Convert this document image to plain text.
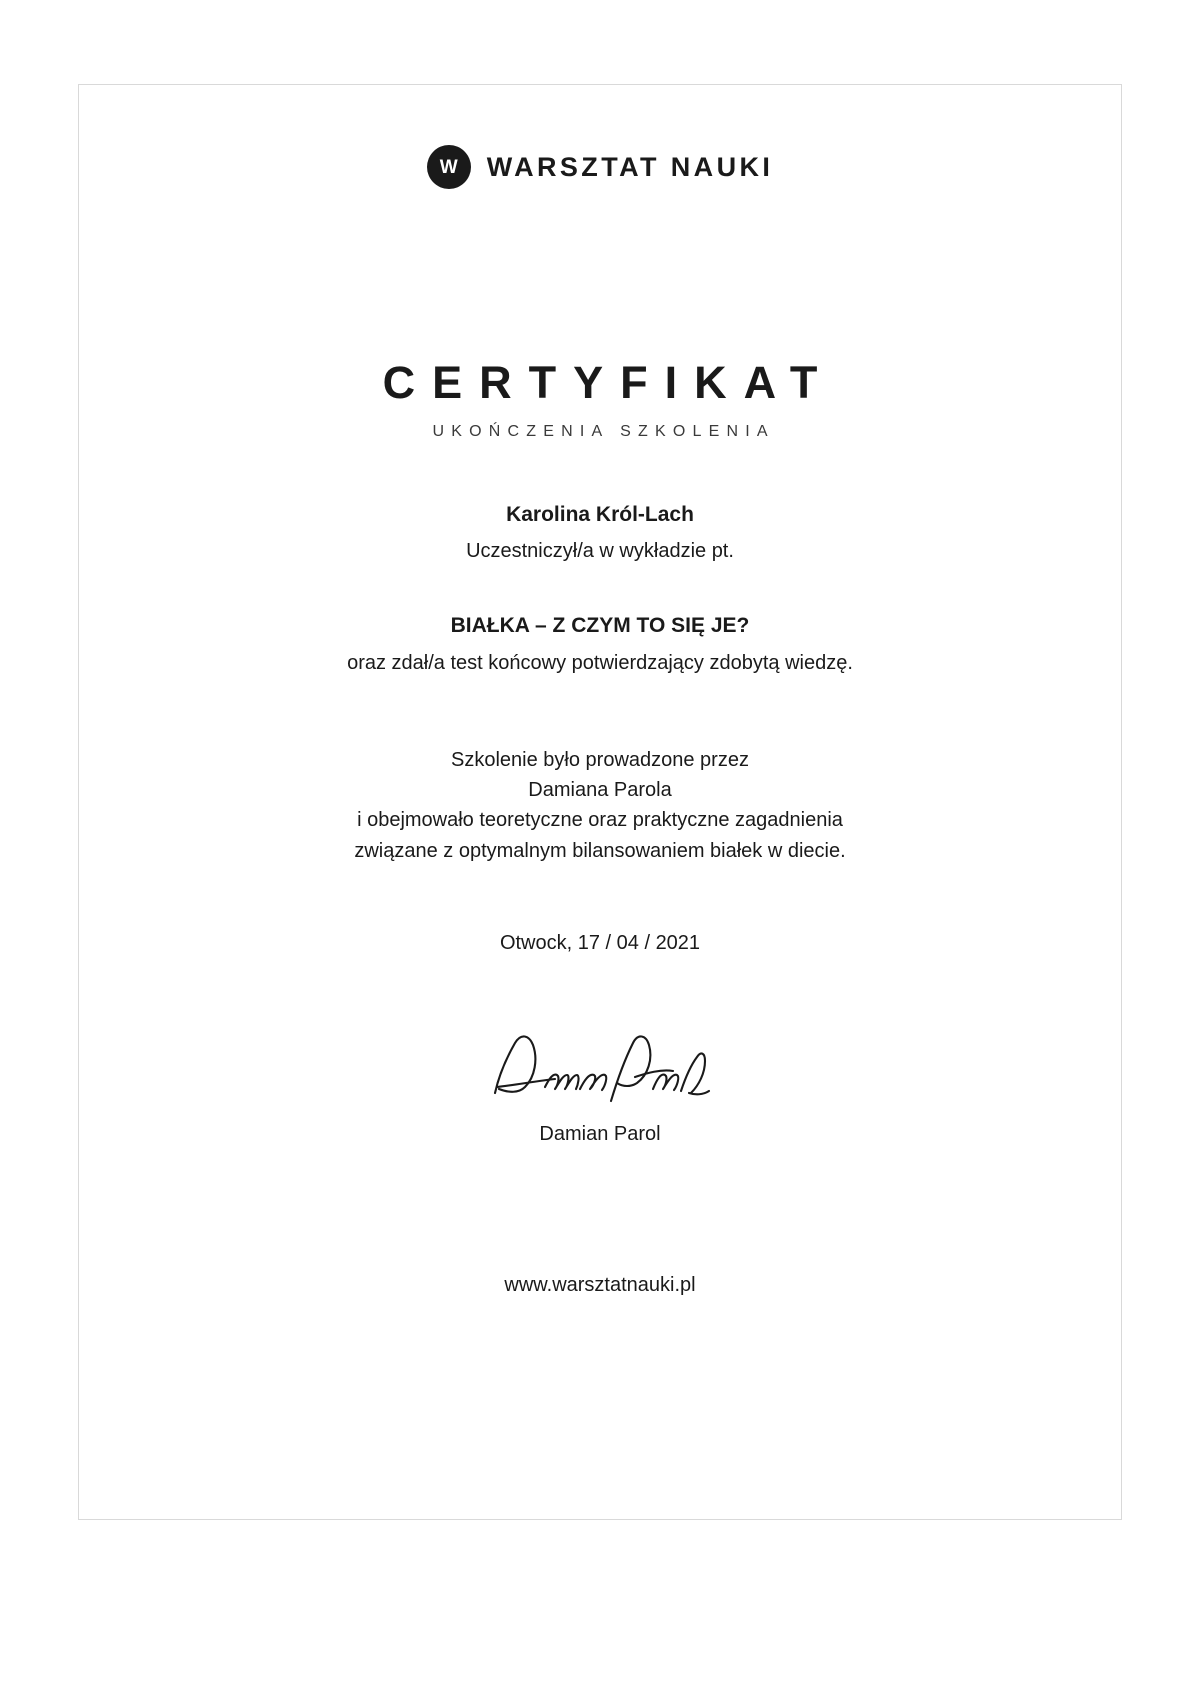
W	WARSZTAT NAUKI
CERTYFIKAT
UKOŃCZENIA SZKOLENIA
Karolina Król-Lach
Uczestniczył/a w wykładzie pt.
BIAŁKA – Z CZYM TO SIĘ JE?
oraz zdał/a test końcowy potwierdzający zdobytą wiedzę.
Szkolenie było prowadzone przez
Damiana Parola
i obejmowało teoretyczne oraz praktyczne zagadnienia
związane z optymalnym bilansowaniem białek w diecie.
Otwock, 17 / 04 / 2021
Damian Parol
www.warsztatnauki.pl
